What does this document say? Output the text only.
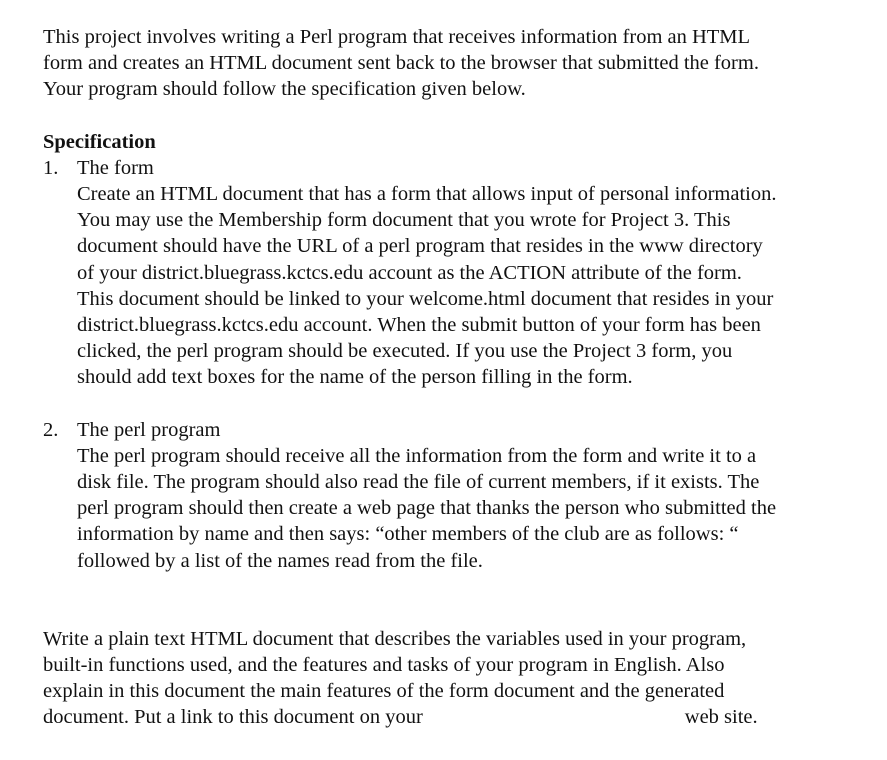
This project involves writing a Perl program that receives information from an HTML
form and creates an HTML document sent back to the browser that submitted the form.
Your program should follow the specification given below.
Specification
1. The form
Create an HTML document that has a form that allows input of personal information.
You may use the Membership form document that you wrote for Project 3. This
document should have the URL of a perl program that resides in the www directory
of your district.bluegrass.kctcs.edu account as the ACTION attribute of the form.
This document should be linked to your welcome.html document that resides in your
district.bluegrass.kctcs.edu account. When the submit button of your form has been
clicked, the perl program should be executed. If you use the Project 3 form, you
should add text boxes for the name of the person filling in the form.
2. The perl program
The perl program should receive all the information from the form and write it to a
disk file. The program should also read the file of current members, if it exists. The
perl program should then create a web page that thanks the person who submitted the
information by name and then says: “other members of the club are as follows: “
followed by a list of the names read from the file.
Write a plain text HTML document that describes the variables used in your program,
built-in functions used, and the features and tasks of your program in English. Also
explain in this document the main features of the form document and the generated
document. Put a link to this document on your	web site.
